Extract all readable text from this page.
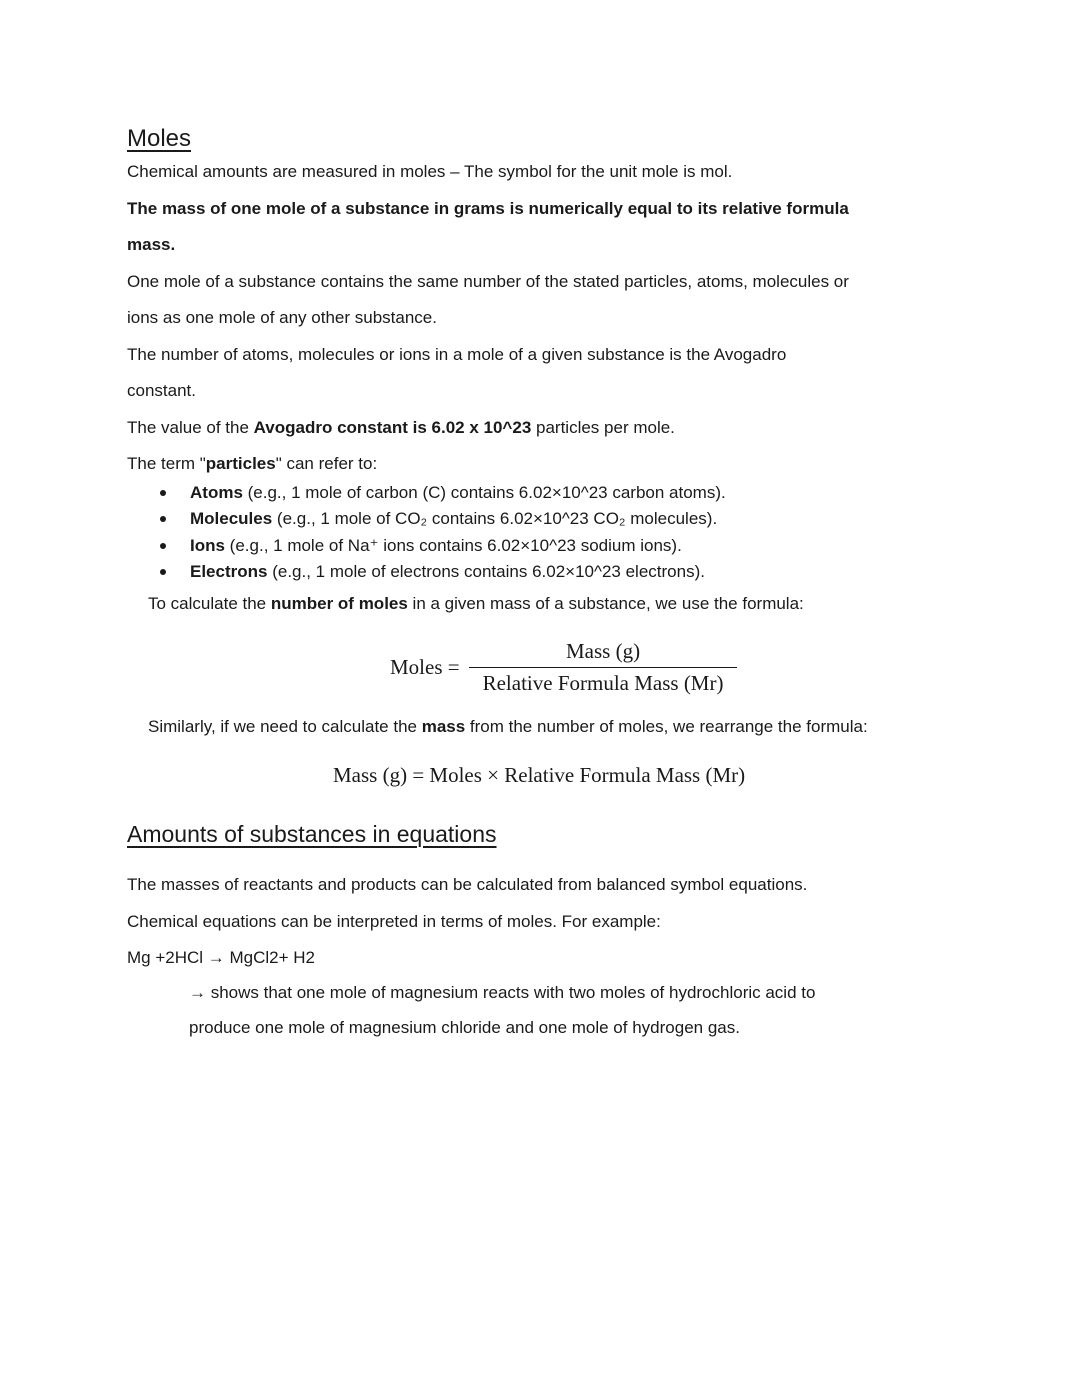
Moles
Chemical amounts are measured in moles – The symbol for the unit mole is mol.
The mass of one mole of a substance in grams is numerically equal to its relative formula
mass.
One mole of a substance contains the same number of the stated particles, atoms, molecules or
ions as one mole of any other substance.
The number of atoms, molecules or ions in a mole of a given substance is the Avogadro
constant.
The value of the Avogadro constant is 6.02 x 10^23 particles per mole.
The term "particles" can refer to:
Atoms (e.g., 1 mole of carbon (C) contains 6.02×10^23 carbon atoms).
Molecules (e.g., 1 mole of CO₂ contains 6.02×10^23 CO₂ molecules).
Ions (e.g., 1 mole of Na⁺ ions contains 6.02×10^23 sodium ions).
Electrons (e.g., 1 mole of electrons contains 6.02×10^23 electrons).
To calculate the number of moles in a given mass of a substance, we use the formula:
Moles = $\frac{\text{Mass (g)}}{\text{Relative Formula Mass (Mr)}}$
Similarly, if we need to calculate the mass from the number of moles, we rearrange the formula:
Mass (g) = Moles × Relative Formula Mass (Mr)
Amounts of substances in equations
The masses of reactants and products can be calculated from balanced symbol equations.
Chemical equations can be interpreted in terms of moles. For example:
Mg +2HCl → MgCl2+ H2
→ shows that one mole of magnesium reacts with two moles of hydrochloric acid to
produce one mole of magnesium chloride and one mole of hydrogen gas.
